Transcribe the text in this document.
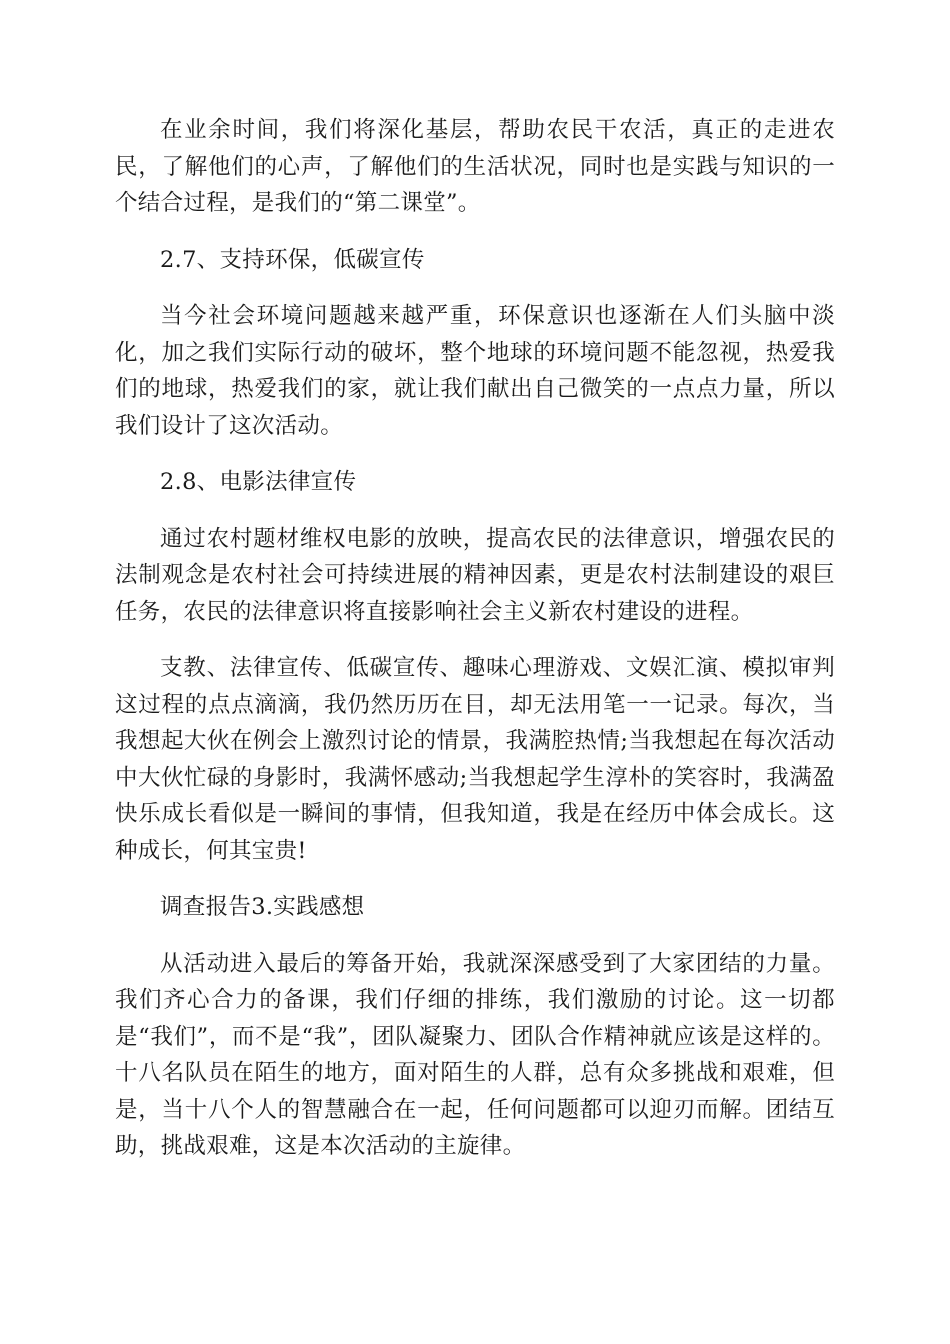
在业余时间，我们将深化基层，帮助农民干农活，真正的走进农民，了解他们的心声，了解他们的生活状况，同时也是实践与知识的一个结合过程，是我们的“第二课堂”。

2.7、支持环保，低碳宣传

当今社会环境问题越来越严重，环保意识也逐渐在人们头脑中淡化，加之我们实际行动的破坏，整个地球的环境问题不能忽视，热爱我们的地球，热爱我们的家，就让我们献出自己微笑的一点点力量，所以我们设计了这次活动。

2.8、电影法律宣传

通过农村题材维权电影的放映，提高农民的法律意识，增强农民的法制观念是农村社会可持续进展的精神因素，更是农村法制建设的艰巨任务，农民的法律意识将直接影响社会主义新农村建设的进程。

支教、法律宣传、低碳宣传、趣味心理游戏、文娱汇演、模拟审判这过程的点点滴滴，我仍然历历在目，却无法用笔一一记录。每次，当我想起大伙在例会上激烈讨论的情景，我满腔热情;当我想起在每次活动中大伙忙碌的身影时，我满怀感动;当我想起学生淳朴的笑容时，我满盈快乐成长看似是一瞬间的事情，但我知道，我是在经历中体会成长。这种成长，何其宝贵!

调查报告3.实践感想

从活动进入最后的筹备开始，我就深深感受到了大家团结的力量。我们齐心合力的备课，我们仔细的排练，我们激励的讨论。这一切都是“我们”，而不是“我”，团队凝聚力、团队合作精神就应该是这样的。十八名队员在陌生的地方，面对陌生的人群，总有众多挑战和艰难，但是，当十八个人的智慧融合在一起，任何问题都可以迎刃而解。团结互助，挑战艰难，这是本次活动的主旋律。
